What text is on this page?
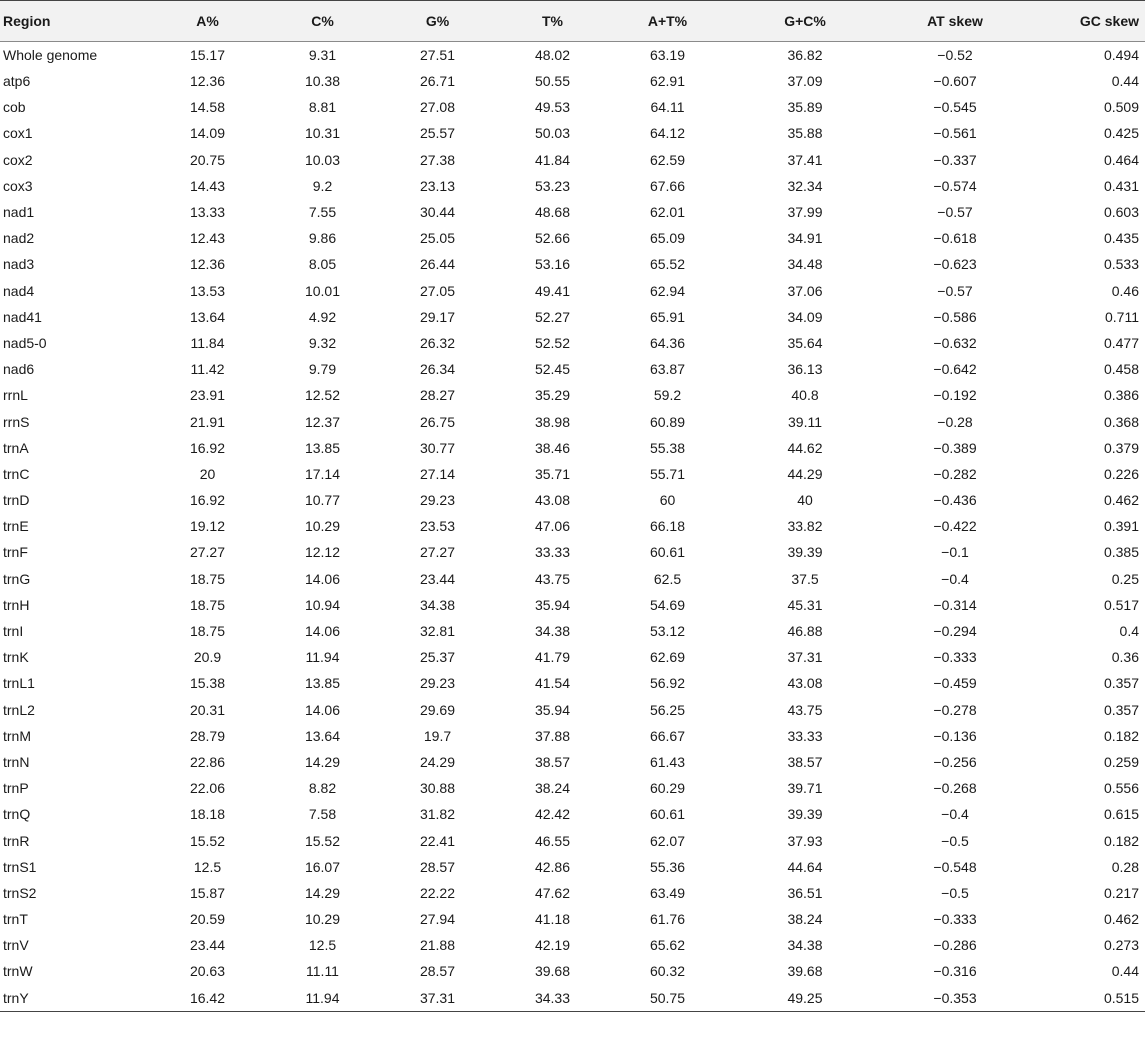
Region	A%	C%	G%	T%	A+T%	G+C%	AT skew	GC skew
Whole genome	15.17	9.31	27.51	48.02	63.19	36.82	−0.52	0.494
atp6	12.36	10.38	26.71	50.55	62.91	37.09	−0.607	0.44
cob	14.58	8.81	27.08	49.53	64.11	35.89	−0.545	0.509
cox1	14.09	10.31	25.57	50.03	64.12	35.88	−0.561	0.425
cox2	20.75	10.03	27.38	41.84	62.59	37.41	−0.337	0.464
cox3	14.43	9.2	23.13	53.23	67.66	32.34	−0.574	0.431
nad1	13.33	7.55	30.44	48.68	62.01	37.99	−0.57	0.603
nad2	12.43	9.86	25.05	52.66	65.09	34.91	−0.618	0.435
nad3	12.36	8.05	26.44	53.16	65.52	34.48	−0.623	0.533
nad4	13.53	10.01	27.05	49.41	62.94	37.06	−0.57	0.46
nad41	13.64	4.92	29.17	52.27	65.91	34.09	−0.586	0.711
nad5-0	11.84	9.32	26.32	52.52	64.36	35.64	−0.632	0.477
nad6	11.42	9.79	26.34	52.45	63.87	36.13	−0.642	0.458
rrnL	23.91	12.52	28.27	35.29	59.2	40.8	−0.192	0.386
rrnS	21.91	12.37	26.75	38.98	60.89	39.11	−0.28	0.368
trnA	16.92	13.85	30.77	38.46	55.38	44.62	−0.389	0.379
trnC	20	17.14	27.14	35.71	55.71	44.29	−0.282	0.226
trnD	16.92	10.77	29.23	43.08	60	40	−0.436	0.462
trnE	19.12	10.29	23.53	47.06	66.18	33.82	−0.422	0.391
trnF	27.27	12.12	27.27	33.33	60.61	39.39	−0.1	0.385
trnG	18.75	14.06	23.44	43.75	62.5	37.5	−0.4	0.25
trnH	18.75	10.94	34.38	35.94	54.69	45.31	−0.314	0.517
trnI	18.75	14.06	32.81	34.38	53.12	46.88	−0.294	0.4
trnK	20.9	11.94	25.37	41.79	62.69	37.31	−0.333	0.36
trnL1	15.38	13.85	29.23	41.54	56.92	43.08	−0.459	0.357
trnL2	20.31	14.06	29.69	35.94	56.25	43.75	−0.278	0.357
trnM	28.79	13.64	19.7	37.88	66.67	33.33	−0.136	0.182
trnN	22.86	14.29	24.29	38.57	61.43	38.57	−0.256	0.259
trnP	22.06	8.82	30.88	38.24	60.29	39.71	−0.268	0.556
trnQ	18.18	7.58	31.82	42.42	60.61	39.39	−0.4	0.615
trnR	15.52	15.52	22.41	46.55	62.07	37.93	−0.5	0.182
trnS1	12.5	16.07	28.57	42.86	55.36	44.64	−0.548	0.28
trnS2	15.87	14.29	22.22	47.62	63.49	36.51	−0.5	0.217
trnT	20.59	10.29	27.94	41.18	61.76	38.24	−0.333	0.462
trnV	23.44	12.5	21.88	42.19	65.62	34.38	−0.286	0.273
trnW	20.63	11.11	28.57	39.68	60.32	39.68	−0.316	0.44
trnY	16.42	11.94	37.31	34.33	50.75	49.25	−0.353	0.515
